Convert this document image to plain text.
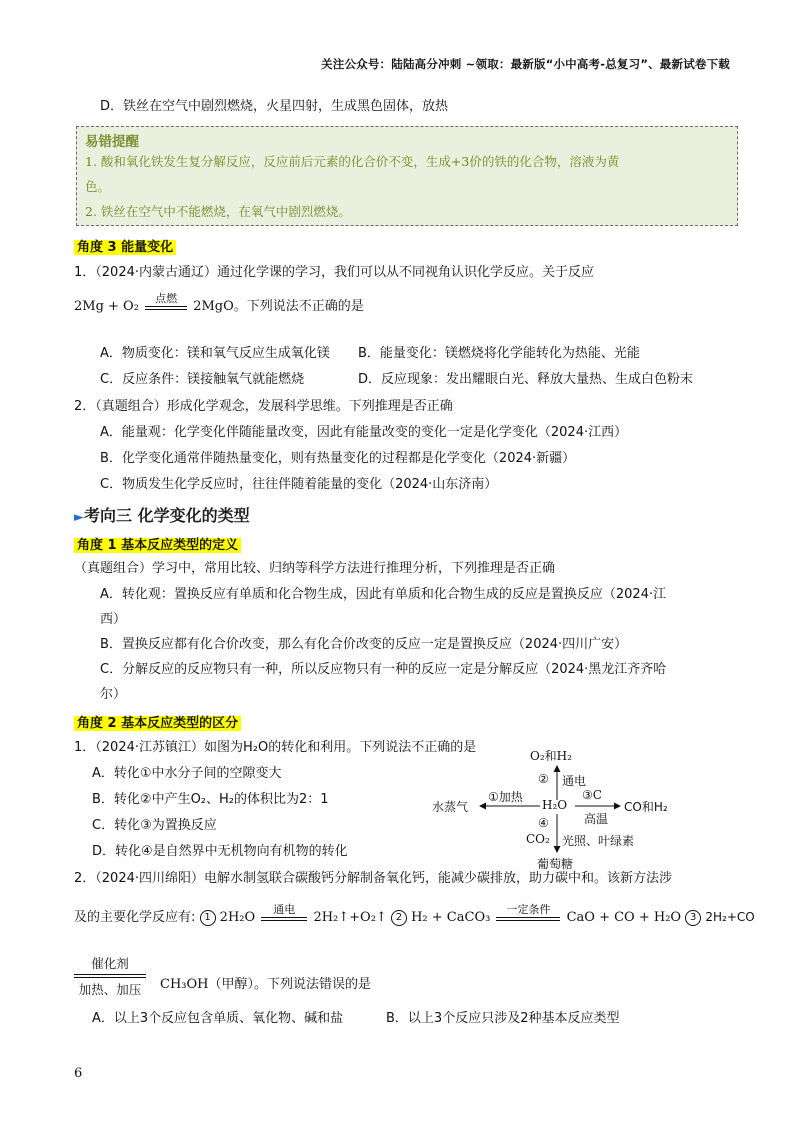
关注公众号：陆陆高分冲刺 ~领取：最新版“小中高考-总复习”、最新试卷下载
D．铁丝在空气中剧烈燃烧，火星四射，生成黑色固体，放热
易错提醒
1. 酸和氧化铁发生复分解反应，反应前后元素的化合价不变，生成+3价的铁的化合物，溶液为黄
色。
2. 铁丝在空气中不能燃烧，在氧气中剧烈燃烧。
角度 3 能量变化
1．（2024·内蒙古通辽）通过化学课的学习，我们可以从不同视角认识化学反应。关于反应
2Mg + O₂
点燃
2MgO。下列说法不正确的是
A．物质变化：镁和氧气反应生成氧化镁 B．能量变化：镁燃烧将化学能转化为热能、光能
C．反应条件：镁接触氧气就能燃烧	D．反应现象：发出耀眼白光、释放大量热、生成白色粉末
2．（真题组合）形成化学观念，发展科学思维。下列推理是否正确
A．能量观：化学变化伴随能量改变，因此有能量改变的变化一定是化学变化（2024·江西）
B．化学变化通常伴随热量变化，则有热量变化的过程都是化学变化（2024·新疆）
C．物质发生化学反应时，往往伴随着能量的变化（2024·山东济南）
►考向三 化学变化的类型
角度 1 基本反应类型的定义
（真题组合）学习中，常用比较、归纳等科学方法进行推理分析，下列推理是否正确
A．转化观：置换反应有单质和化合物生成，因此有单质和化合物生成的反应是置换反应（2024·江
西）
B．置换反应都有化合价改变，那么有化合价改变的反应一定是置换反应（2024·四川广安）
C．分解反应的反应物只有一种，所以反应物只有一种的反应一定是分解反应（2024·黑龙江齐齐哈
尔）
角度 2 基本反应类型的区分
1．（2024·江苏镇江）如图为H₂O的转化和利用。下列说法不正确的是
A．转化①中水分子间的空隙变大
B．转化②中产生O₂、H₂的体积比为2：1
C．转化③为置换反应
D．转化④是自然界中无机物向有机物的转化
O₂和H₂
② 通电
水蒸气
①加热
H₂O
③C
高温
CO和H₂
④
CO₂ 光照、叶绿素
葡萄糖
2．（2024·四川绵阳）电解水制氢联合碳酸钙分解制备氧化钙，能减少碳排放，助力碳中和。该新方法涉
及的主要化学反应有: 1 2H₂O
通电
2H₂↑+O₂↑ 2 H₂ + CaCO₃
一定条件
CaO + CO + H₂O 3 2H₂+CO
催化剂
加热、加压	CH₃OH（甲醇）。下列说法错误的是
A．以上3个反应包含单质、氧化物、碱和盐	B．以上3个反应只涉及2种基本反应类型
6
